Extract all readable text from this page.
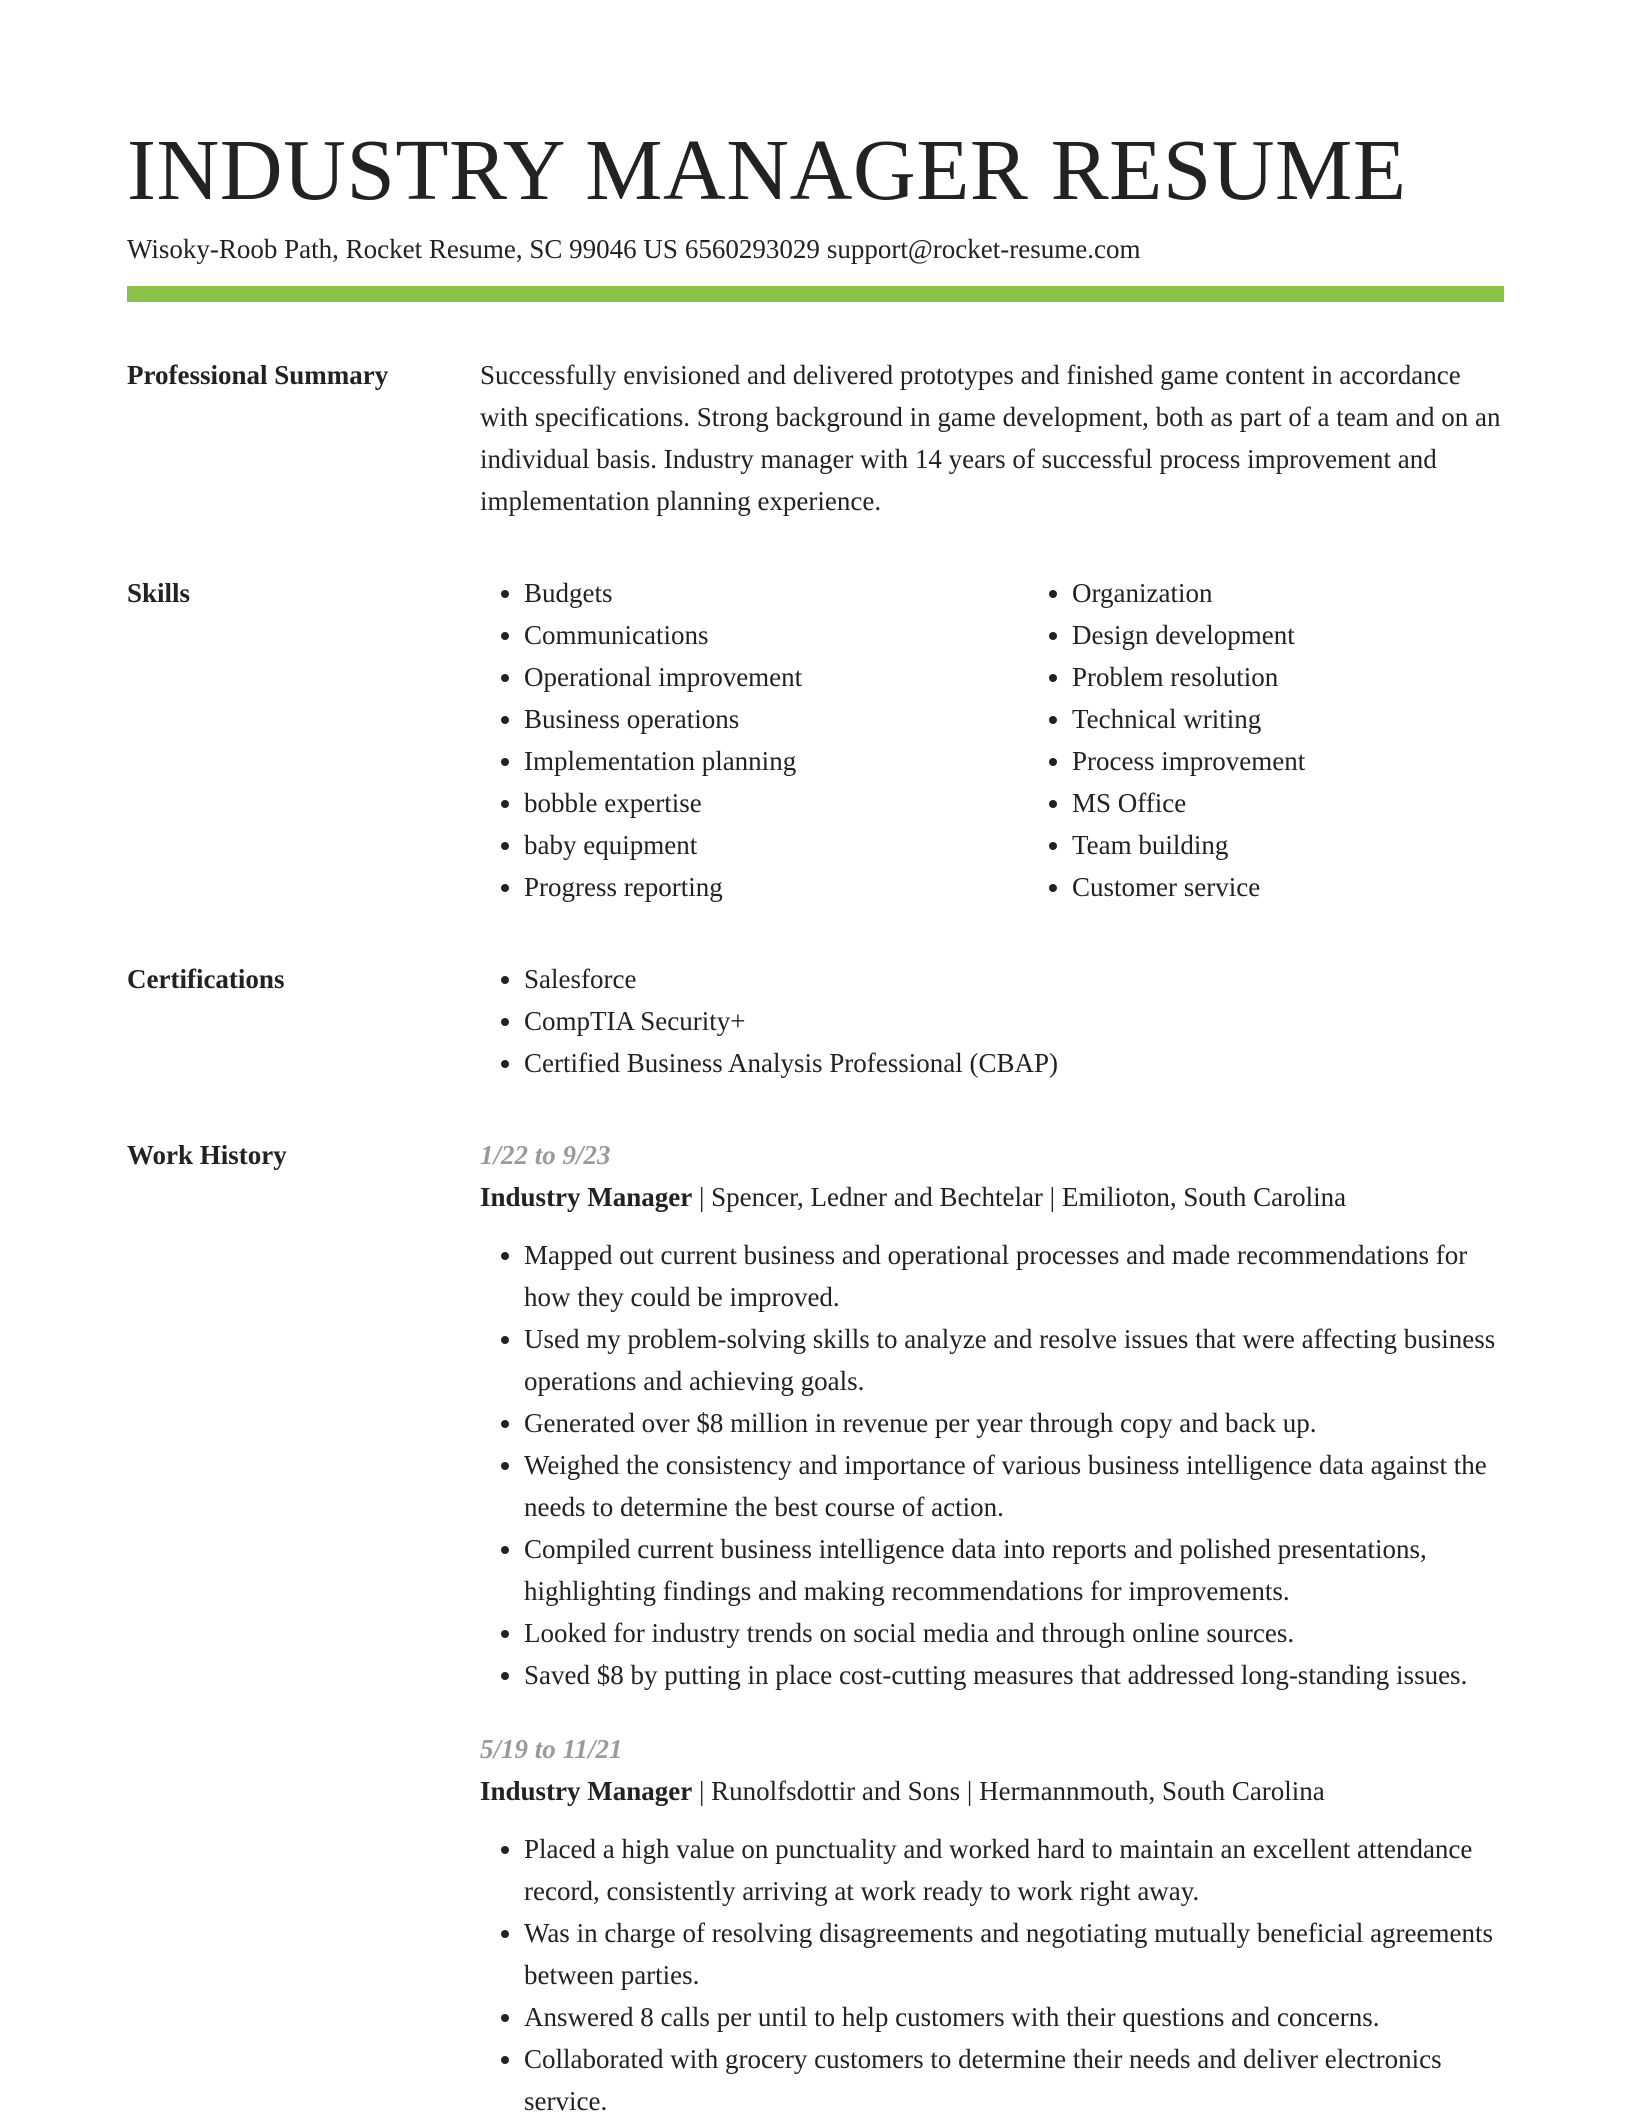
INDUSTRY MANAGER RESUME
Wisoky-Roob Path, Rocket Resume, SC 99046 US 6560293029 support@rocket-resume.com
Professional Summary	Successfully envisioned and delivered prototypes and finished game content in accordance with specifications. Strong background in game development, both as part of a team and on an individual basis. Industry manager with 14 years of successful process improvement and implementation planning experience.

Skills	• Budgets
• Communications
• Operational improvement
• Business operations
• Implementation planning
• bobble expertise
• baby equipment
• Progress reporting
• Organization
• Design development
• Problem resolution
• Technical writing
• Process improvement
• MS Office
• Team building
• Customer service
Certifications	• Salesforce
• CompTIA Security+
• Certified Business Analysis Professional (CBAP)
Work History	1/22 to 9/23
Industry Manager | Spencer, Ledner and Bechtelar | Emilioton, South Carolina
• Mapped out current business and operational processes and made recommendations for how they could be improved.
• Used my problem-solving skills to analyze and resolve issues that were affecting business operations and achieving goals.
• Generated over $8 million in revenue per year through copy and back up.
• Weighed the consistency and importance of various business intelligence data against the needs to determine the best course of action.
• Compiled current business intelligence data into reports and polished presentations, highlighting findings and making recommendations for improvements.
• Looked for industry trends on social media and through online sources.
• Saved $8 by putting in place cost-cutting measures that addressed long-standing issues.
5/19 to 11/21
Industry Manager | Runolfsdottir and Sons | Hermannmouth, South Carolina
• Placed a high value on punctuality and worked hard to maintain an excellent attendance record, consistently arriving at work ready to work right away.
• Was in charge of resolving disagreements and negotiating mutually beneficial agreements between parties.
• Answered 8 calls per until to help customers with their questions and concerns.
• Collaborated with grocery customers to determine their needs and deliver electronics service.
